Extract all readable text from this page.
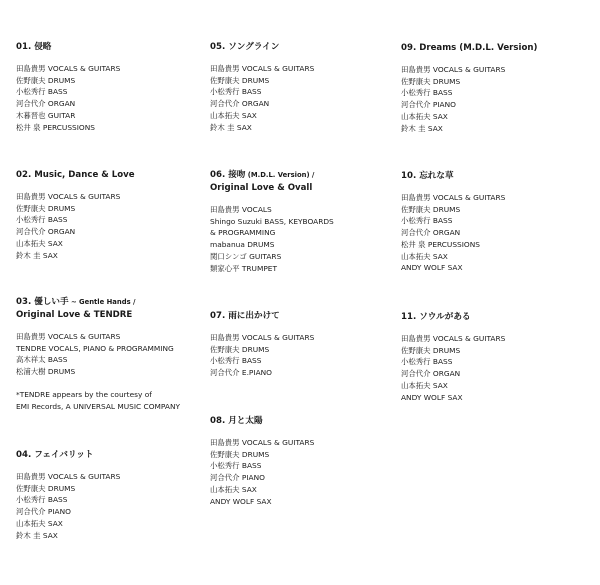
01. 侵略
田島貴男 VOCALS & GUITARS
佐野康夫 DRUMS
小松秀行 BASS
河合代介 ORGAN
木暮晋也 GUITAR
松井 泉 PERCUSSIONS
02. Music, Dance & Love
田島貴男 VOCALS & GUITARS
佐野康夫 DRUMS
小松秀行 BASS
河合代介 ORGAN
山本拓夫 SAX
鈴木 圭 SAX
03. 優しい手 ~ Gentle Hands /
Original Love & TENDRE
田島貴男 VOCALS & GUITARS
TENDRE VOCALS, PIANO & PROGRAMMING
高木祥太 BASS
松浦大樹 DRUMS
*TENDRE appears by the courtesy of
EMI Records, A UNIVERSAL MUSIC COMPANY
04. フェイバリット
田島貴男 VOCALS & GUITARS
佐野康夫 DRUMS
小松秀行 BASS
河合代介 PIANO
山本拓夫 SAX
鈴木 圭 SAX
05. ソングライン
田島貴男 VOCALS & GUITARS
佐野康夫 DRUMS
小松秀行 BASS
河合代介 ORGAN
山本拓夫 SAX
鈴木 圭 SAX
06. 接吻 (M.D.L. Version) /
Original Love & Ovall
田島貴男 VOCALS
Shingo Suzuki BASS, KEYBOARDS
& PROGRAMMING
mabanua DRUMS
関口シンゴ GUITARS
類家心平 TRUMPET
07. 雨に出かけて
田島貴男 VOCALS & GUITARS
佐野康夫 DRUMS
小松秀行 BASS
河合代介 E.PIANO
08. 月と太陽
田島貴男 VOCALS & GUITARS
佐野康夫 DRUMS
小松秀行 BASS
河合代介 PIANO
山本拓夫 SAX
ANDY WOLF SAX
09. Dreams (M.D.L. Version)
田島貴男 VOCALS & GUITARS
佐野康夫 DRUMS
小松秀行 BASS
河合代介 PIANO
山本拓夫 SAX
鈴木 圭 SAX
10. 忘れな草
田島貴男 VOCALS & GUITARS
佐野康夫 DRUMS
小松秀行 BASS
河合代介 ORGAN
松井 泉 PERCUSSIONS
山本拓夫 SAX
ANDY WOLF SAX
11. ソウルがある
田島貴男 VOCALS & GUITARS
佐野康夫 DRUMS
小松秀行 BASS
河合代介 ORGAN
山本拓夫 SAX
ANDY WOLF SAX
